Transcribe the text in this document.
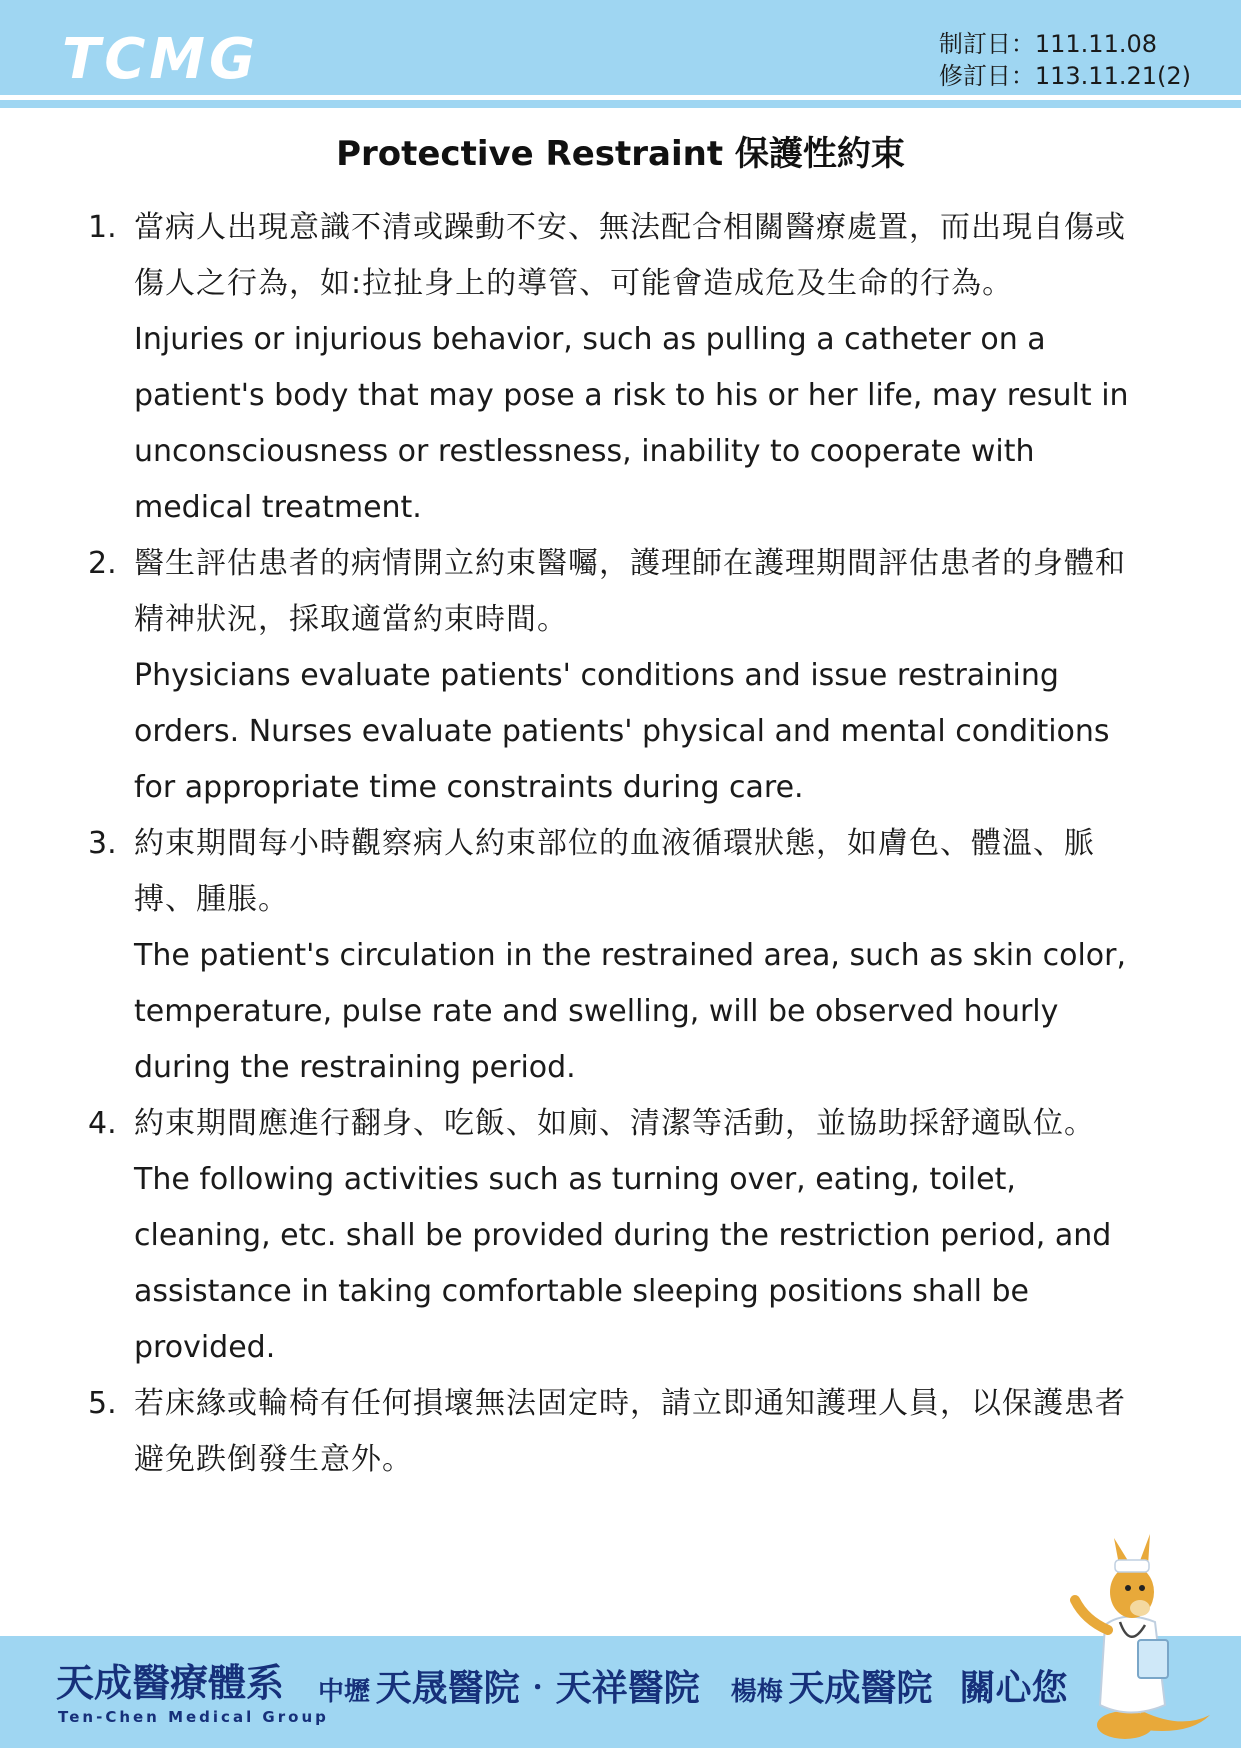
TCMG	制訂日：111.11.08
修訂日：113.11.21(2)
Protective Restraint 保護性約束
1. 當病人出現意識不清或躁動不安、無法配合相關醫療處置，而出現自傷或傷人之行為，如:拉扯身上的導管、可能會造成危及生命的行為。

Injuries or injurious behavior, such as pulling a catheter on a patient's body that may pose a risk to his or her life, may result in unconsciousness or restlessness, inability to cooperate with medical treatment.

2. 醫生評估患者的病情開立約束醫囑，護理師在護理期間評估患者的身體和精神狀況，採取適當約束時間。

Physicians evaluate patients' conditions and issue restraining orders. Nurses evaluate patients' physical and mental conditions for appropriate time constraints during care.

3. 約束期間每小時觀察病人約束部位的血液循環狀態，如膚色、體溫、脈搏、腫脹。

The patient's circulation in the restrained area, such as skin color, temperature, pulse rate and swelling, will be observed hourly during the restraining period.

4. 約束期間應進行翻身、吃飯、如廁、清潔等活動，並協助採舒適臥位。

The following activities such as turning over, eating, toilet, cleaning, etc. shall be provided during the restriction period, and assistance in taking comfortable sleeping positions shall be provided.

5. 若床緣或輪椅有任何損壞無法固定時，請立即通知護理人員，以保護患者避免跌倒發生意外。

天成醫療體系
Ten-Chen Medical Group
中壢 天晟醫院‧天祥醫院 楊梅 天成醫院 關心您
